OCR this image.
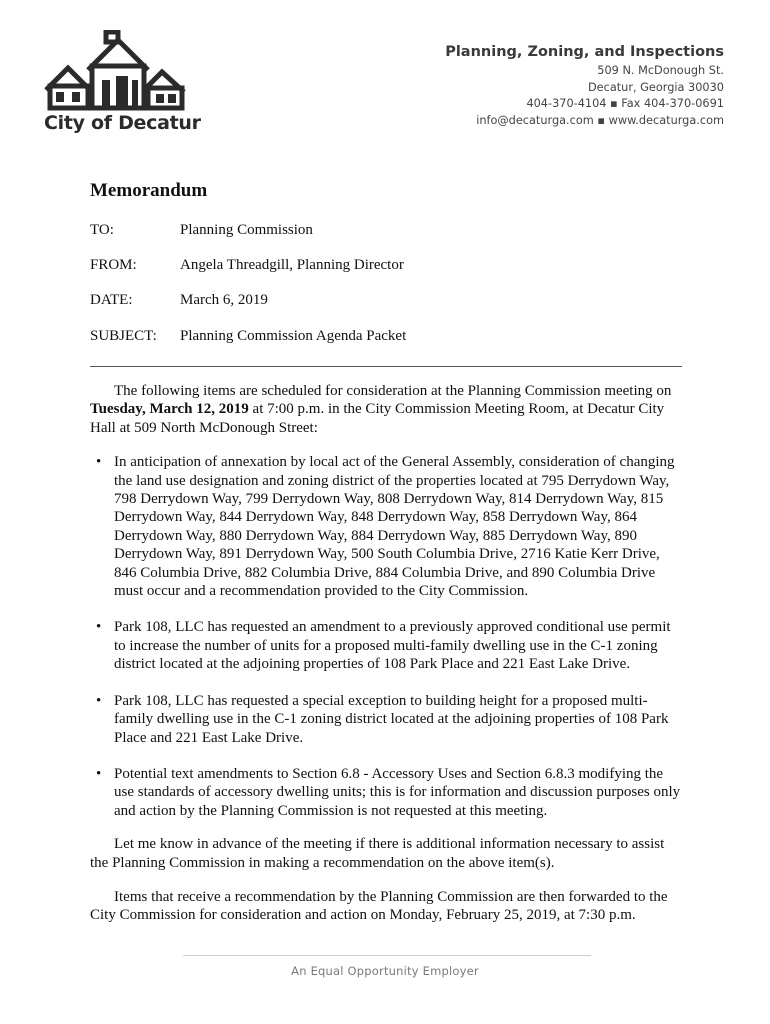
City of Decatur
Planning, Zoning, and Inspections
509 N. McDonough St.
Decatur, Georgia 30030
404-370-4104 ▪ Fax 404-370-0691
info@decaturga.com ▪ www.decaturga.com
Memorandum
TO:	Planning Commission
FROM:	Angela Threadgill, Planning Director
DATE:	March 6, 2019
SUBJECT: Planning Commission Agenda Packet

The following items are scheduled for consideration at the Planning Commission meeting on Tuesday, March 12, 2019 at 7:00 p.m. in the City Commission Meeting Room, at Decatur City Hall at 509 North McDonough Street:

• In anticipation of annexation by local act of the General Assembly, consideration of changing the land use designation and zoning district of the properties located at 795 Derrydown Way, 798 Derrydown Way, 799 Derrydown Way, 808 Derrydown Way, 814 Derrydown Way, 815 Derrydown Way, 844 Derrydown Way, 848 Derrydown Way, 858 Derrydown Way, 864 Derrydown Way, 880 Derrydown Way, 884 Derrydown Way, 885 Derrydown Way, 890 Derrydown Way, 891 Derrydown Way, 500 South Columbia Drive, 2716 Katie Kerr Drive, 846 Columbia Drive, 882 Columbia Drive, 884 Columbia Drive, and 890 Columbia Drive must occur and a recommendation provided to the City Commission.
• Park 108, LLC has requested an amendment to a previously approved conditional use permit to increase the number of units for a proposed multi-family dwelling use in the C-1 zoning district located at the adjoining properties of 108 Park Place and 221 East Lake Drive.
• Park 108, LLC has requested a special exception to building height for a proposed multi-family dwelling use in the C-1 zoning district located at the adjoining properties of 108 Park Place and 221 East Lake Drive.
• Potential text amendments to Section 6.8 - Accessory Uses and Section 6.8.3 modifying the use standards of accessory dwelling units; this is for information and discussion purposes only and action by the Planning Commission is not requested at this meeting.

Let me know in advance of the meeting if there is additional information necessary to assist the Planning Commission in making a recommendation on the above item(s).

Items that receive a recommendation by the Planning Commission are then forwarded to the City Commission for consideration and action on Monday, February 25, 2019, at 7:30 p.m.

An Equal Opportunity Employer
